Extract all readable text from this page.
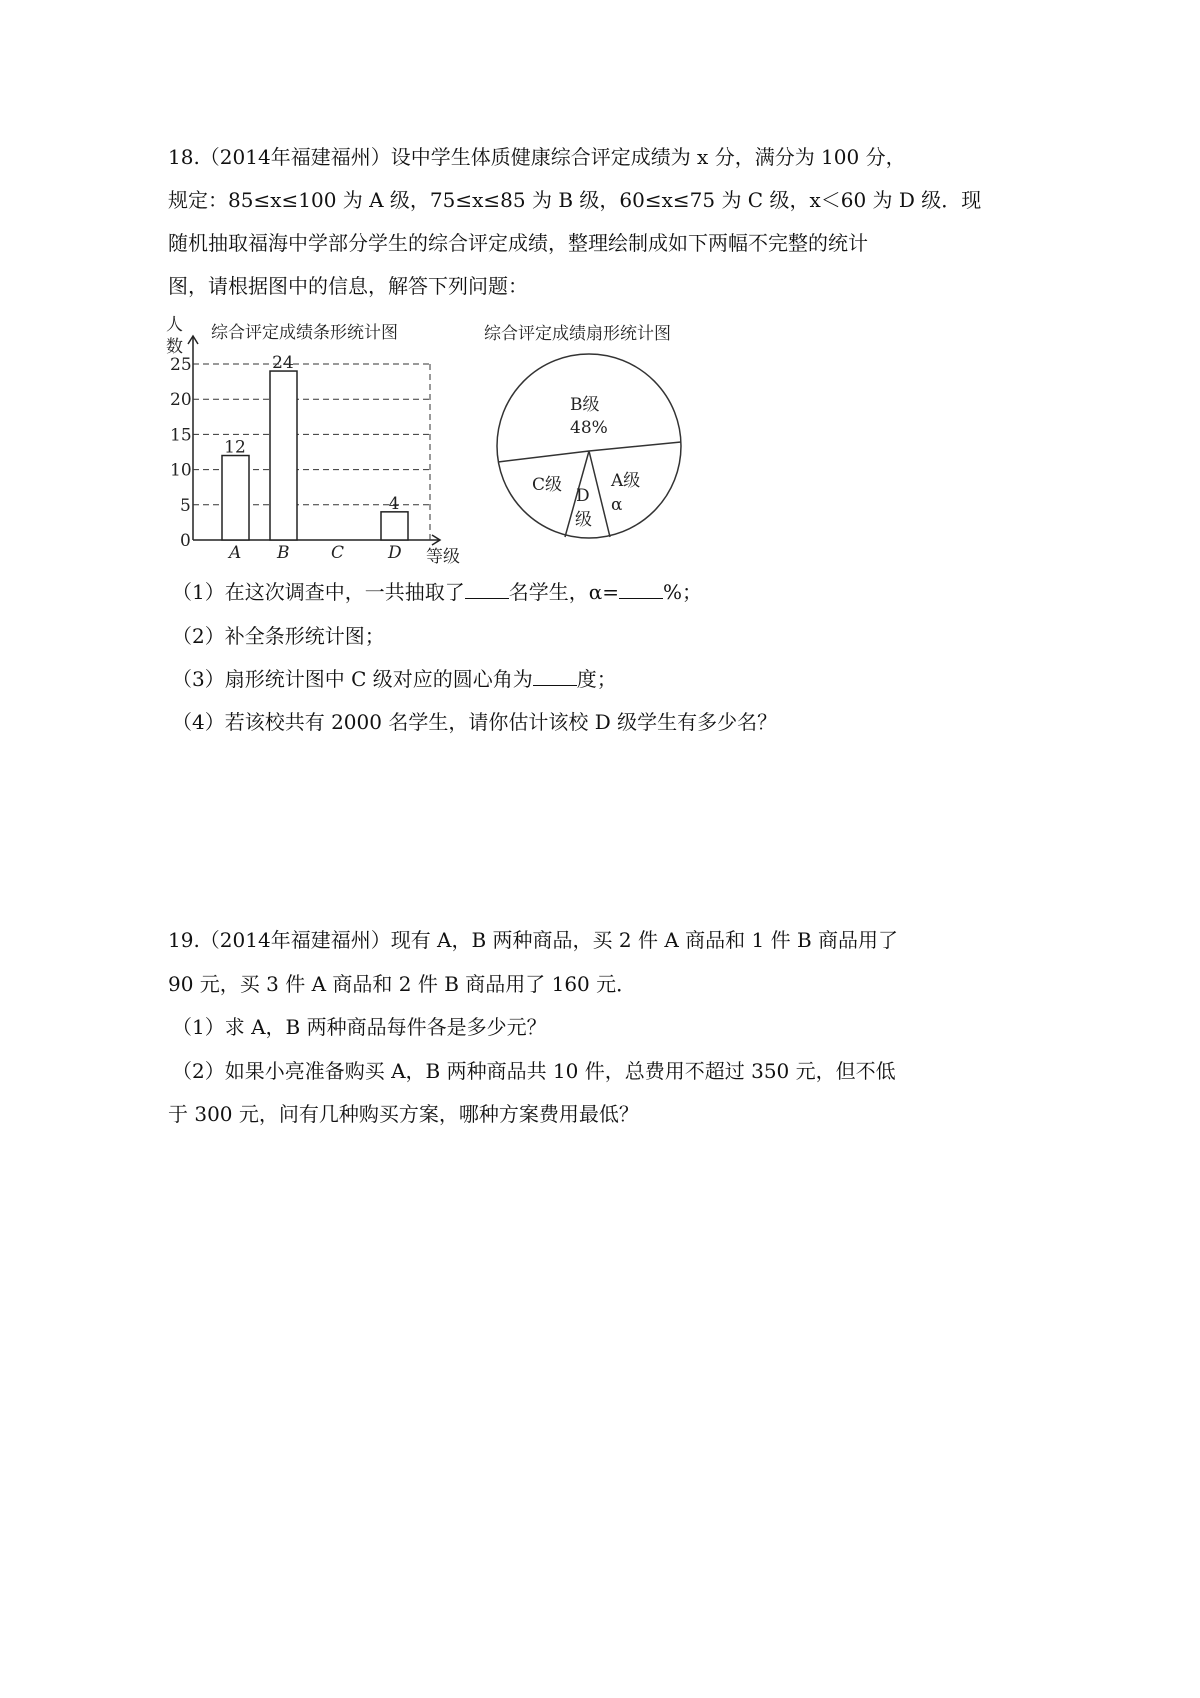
18.（2014年福建福州）设中学生体质健康综合评定成绩为 x 分，满分为 100 分，
规定：85≤x≤100 为 A 级，75≤x≤85 为 B 级，60≤x≤75 为 C 级，x＜60 为 D 级．现
随机抽取福海中学部分学生的综合评定成绩，整理绘制成如下两幅不完整的统计
图，请根据图中的信息，解答下列问题：
综合评定成绩条形统计图
人
数
等级
0
5
10
15
20
25
A
12
B
24
C	D
4
综合评定成绩扇形统计图
B级
48%
A级
α
C级
D
级
（1）在这次调查中，一共抽取了 名学生，α= %；
（2）补全条形统计图；
（3）扇形统计图中 C 级对应的圆心角为 度；
（4）若该校共有 2000 名学生，请你估计该校 D 级学生有多少名？
19.（2014年福建福州）现有 A，B 两种商品，买 2 件 A 商品和 1 件 B 商品用了
90 元，买 3 件 A 商品和 2 件 B 商品用了 160 元．
（1）求 A，B 两种商品每件各是多少元？
（2）如果小亮准备购买 A，B 两种商品共 10 件，总费用不超过 350 元，但不低
于 300 元，问有几种购买方案，哪种方案费用最低？
